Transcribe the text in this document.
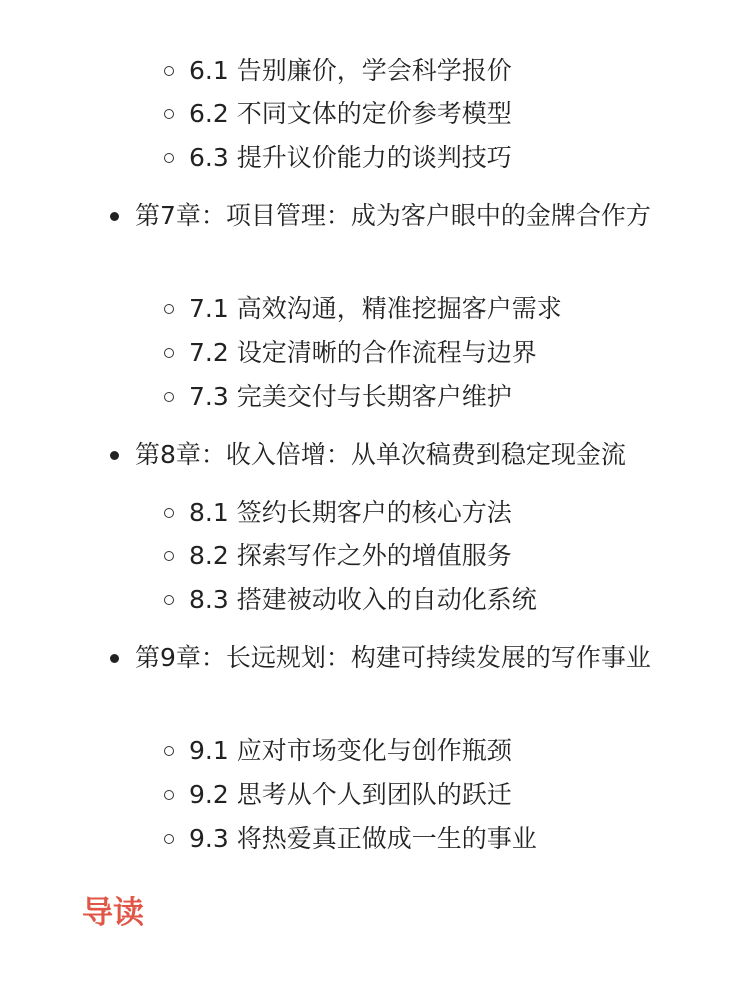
6.1 告别廉价，学会科学报价
6.2 不同文体的定价参考模型
6.3 提升议价能力的谈判技巧
第7章：项目管理：成为客户眼中的金牌合作方
7.1 高效沟通，精准挖掘客户需求
7.2 设定清晰的合作流程与边界
7.3 完美交付与长期客户维护
第8章：收入倍增：从单次稿费到稳定现金流
8.1 签约长期客户的核心方法
8.2 探索写作之外的增值服务
8.3 搭建被动收入的自动化系统
第9章：长远规划：构建可持续发展的写作事业
9.1 应对市场变化与创作瓶颈
9.2 思考从个人到团队的跃迁
9.3 将热爱真正做成一生的事业
导读
